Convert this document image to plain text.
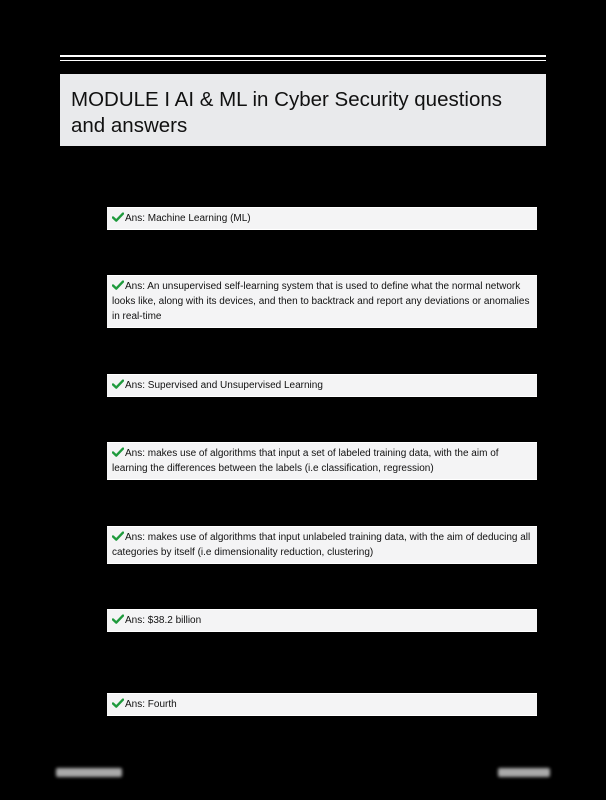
MODULE I AI & ML in Cyber Security questions and answers
Ans: Machine Learning (ML)
Ans: An unsupervised self-learning system that is used to define what the normal network looks like, along with its devices, and then to backtrack and report any deviations or anomalies in real-time
Ans: Supervised and Unsupervised Learning
Ans: makes use of algorithms that input a set of labeled training data, with the aim of learning the differences between the labels (i.e classification, regression)
Ans: makes use of algorithms that input unlabeled training data, with the aim of deducing all categories by itself (i.e dimensionality reduction, clustering)
Ans: $38.2 billion
Ans: Fourth
